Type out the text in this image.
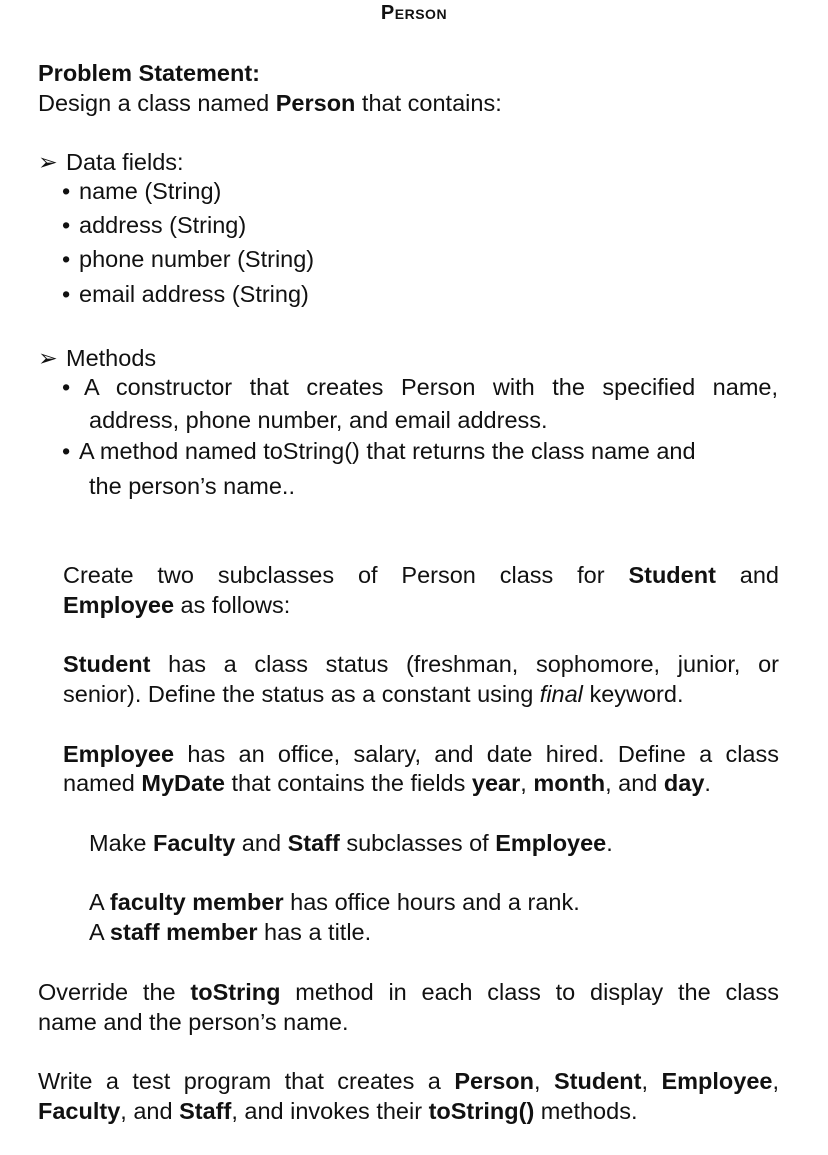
Person
Problem Statement:
Design a class named Person that contains:
➢ Data fields:
• name (String)
• address (String)
• phone number (String)
• email address (String)
➢ Methods
• A constructor that creates Person with the specified name,
address, phone number, and email address.
• A method named toString() that returns the class name and
the person’s name..
Create two subclasses of Person class for Student and
Employee as follows:
Student has a class status (freshman, sophomore, junior, or
senior). Define the status as a constant using final keyword.
Employee has an office, salary, and date hired. Define a class
named MyDate that contains the fields year, month, and day.
Make Faculty and Staff subclasses of Employee.
A faculty member has office hours and a rank.
A staff member has a title.
Override the toString method in each class to display the class
name and the person’s name.
Write a test program that creates a Person, Student, Employee,
Faculty, and Staff, and invokes their toString() methods.
